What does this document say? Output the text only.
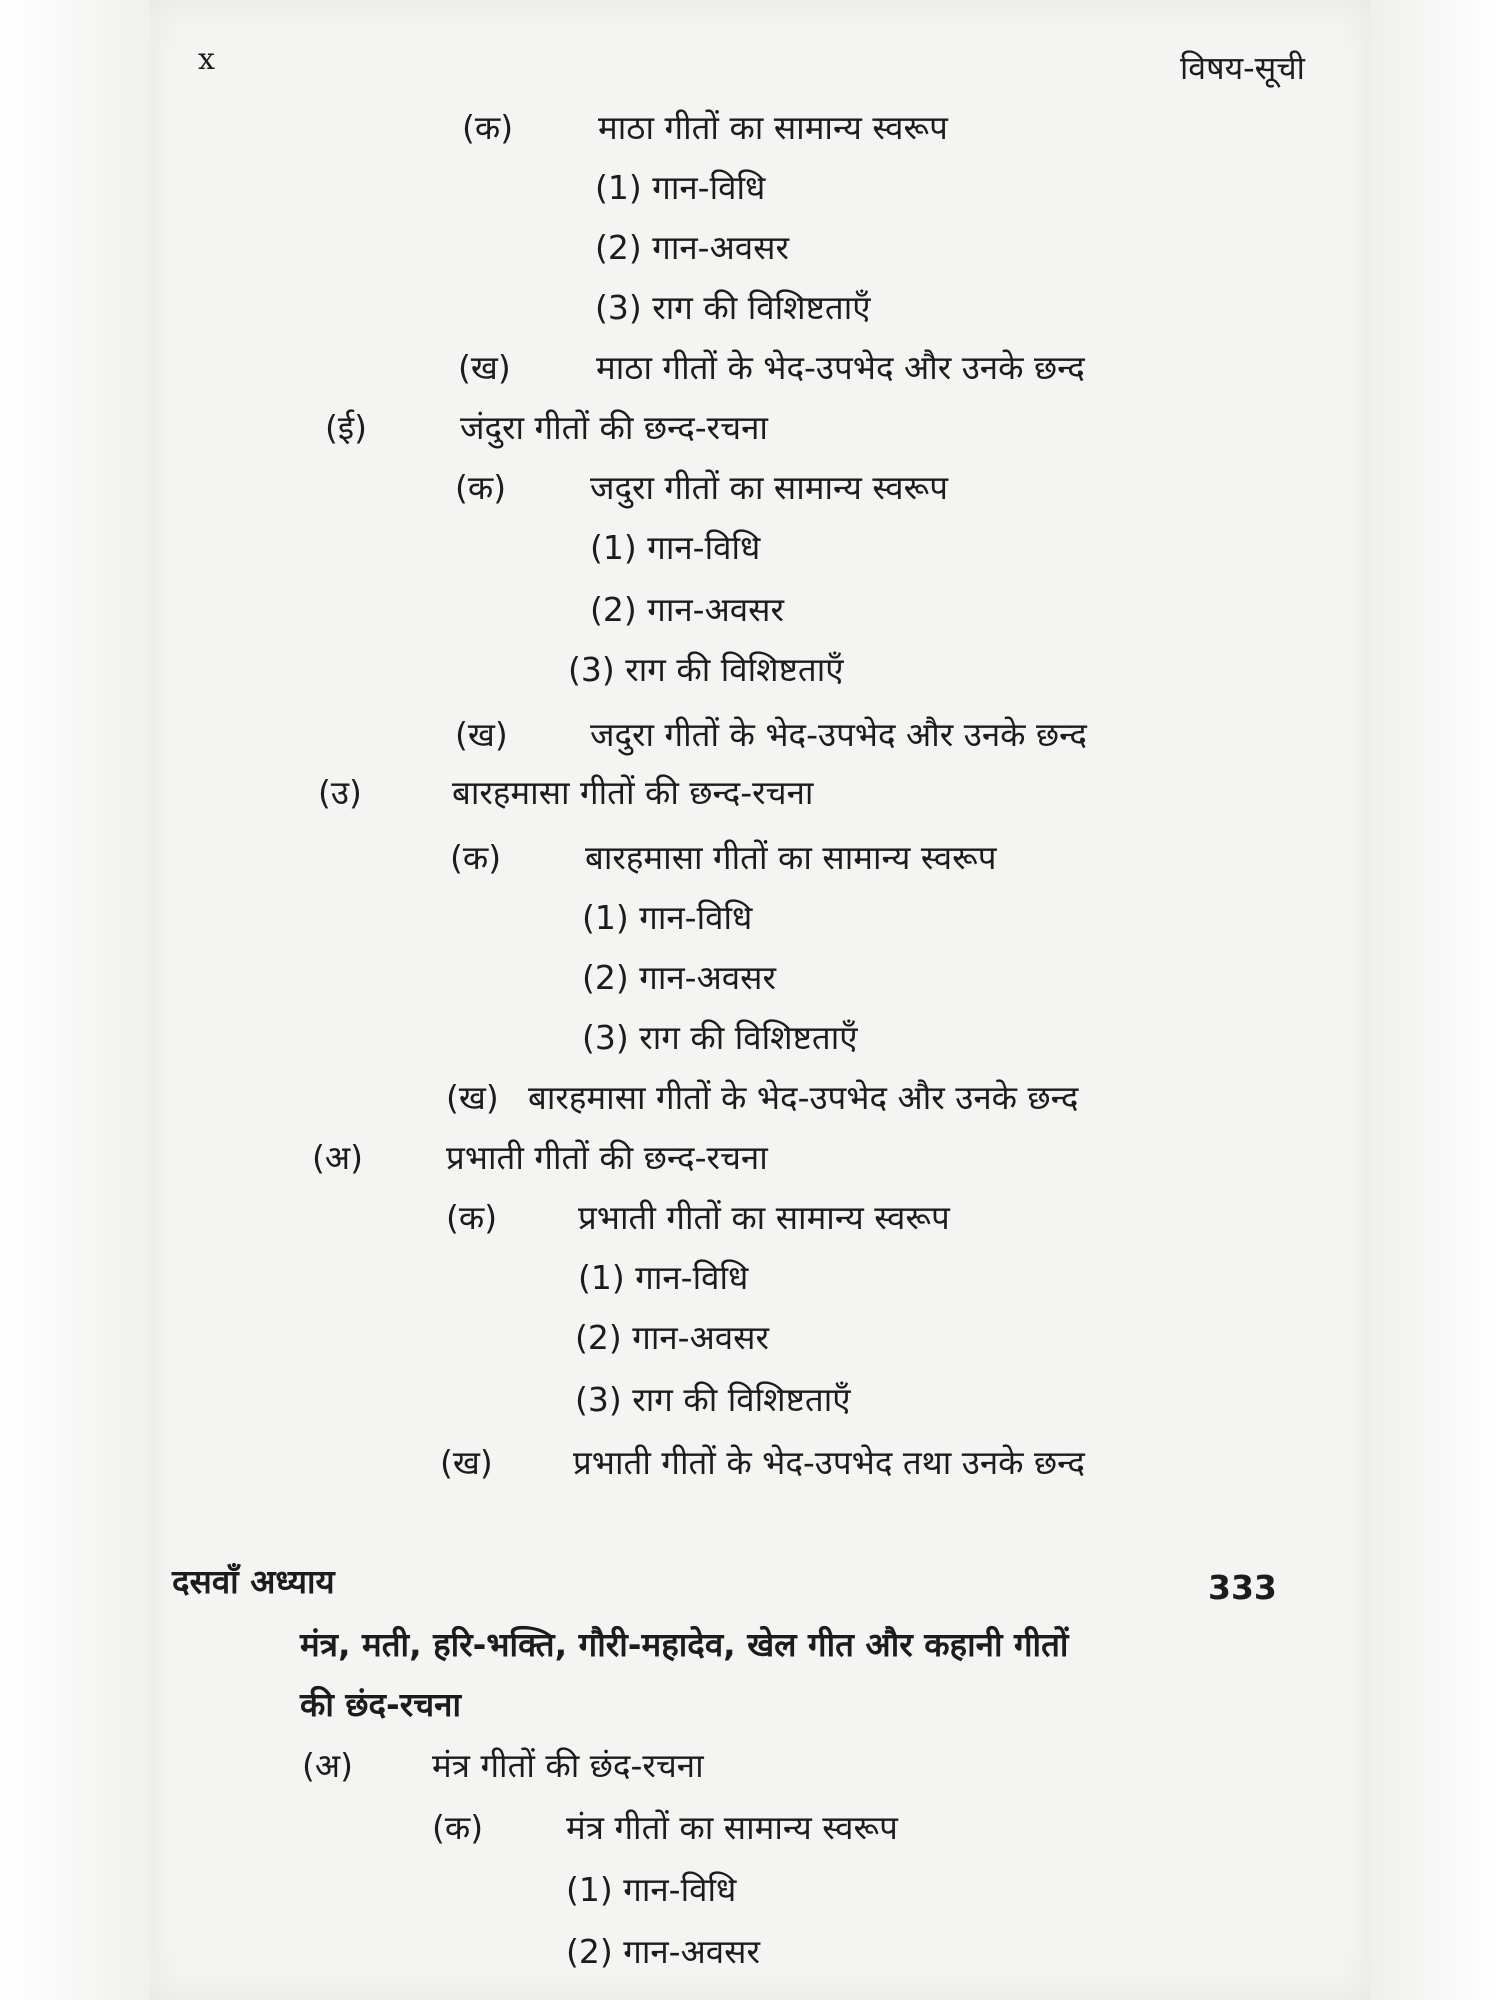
x	विषय-सूची
(क)	माठा गीतों का सामान्य स्वरूप
(1) गान-विधि
(2) गान-अवसर
(3) राग की विशिष्टताएँ
(ख)	माठा गीतों के भेद-उपभेद और उनके छन्द
(ई)	जंदुरा गीतों की छन्द-रचना
(क)	जदुरा गीतों का सामान्य स्वरूप
(1) गान-विधि
(2) गान-अवसर
(3) राग की विशिष्टताएँ
(ख) जदुरा गीतों के भेद-उपभेद और उनके छन्द
(उ)	बारहमासा गीतों की छन्द-रचना
(क)	बारहमासा गीतों का सामान्य स्वरूप
(1) गान-विधि
(2) गान-अवसर
(3) राग की विशिष्टताएँ
(ख) बारहमासा गीतों के भेद-उपभेद और उनके छन्द
(अ)	प्रभाती गीतों की छन्द-रचना
(क) प्रभाती गीतों का सामान्य स्वरूप
(1) गान-विधि
(2) गान-अवसर
(3) राग की विशिष्टताएँ
(ख) प्रभाती गीतों के भेद-उपभेद तथा उनके छन्द
दसवाँ अध्याय	333
मंत्र, मती, हरि-भक्ति, गौरी-महादेव, खेल गीत और कहानी गीतों
की छंद-रचना
(अ) मंत्र गीतों की छंद-रचना
(क)	मंत्र गीतों का सामान्य स्वरूप
(1) गान-विधि
(2) गान-अवसर
